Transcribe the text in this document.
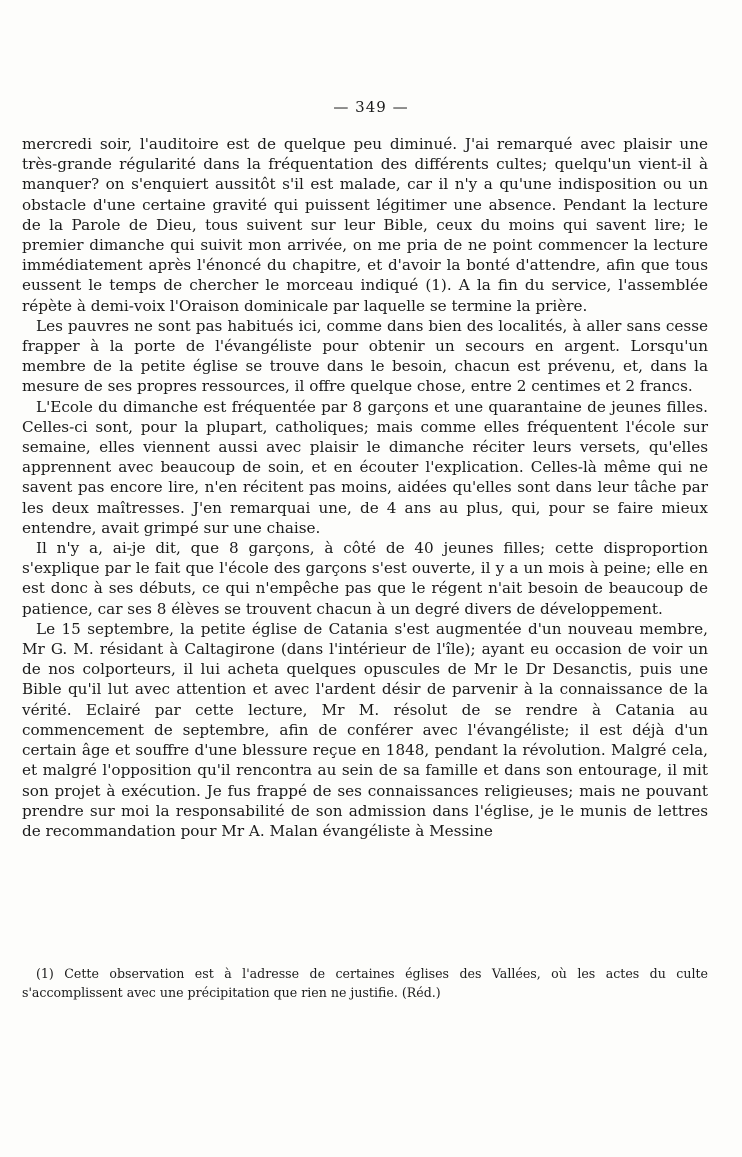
— 349 —

mercredi soir, l'auditoire est de quelque peu diminué. J'ai remarqué avec plaisir une très-grande régularité dans la fréquentation des différents cultes; quelqu'un vient-il à manquer? on s'enquiert aussitôt s'il est malade, car il n'y a qu'une indisposition ou un obstacle d'une certaine gravité qui puissent légitimer une absence. Pendant la lecture de la Parole de Dieu, tous suivent sur leur Bible, ceux du moins qui savent lire; le premier dimanche qui suivit mon arrivée, on me pria de ne point commencer la lecture immédiatement après l'énoncé du chapitre, et d'avoir la bonté d'attendre, afin que tous eussent le temps de chercher le morceau indiqué (1). A la fin du service, l'assemblée répète à demi-voix l'Oraison dominicale par laquelle se termine la prière.

Les pauvres ne sont pas habitués ici, comme dans bien des localités, à aller sans cesse frapper à la porte de l'évangéliste pour obtenir un secours en argent. Lorsqu'un membre de la petite église se trouve dans le besoin, chacun est prévenu, et, dans la mesure de ses propres ressources, il offre quelque chose, entre 2 centimes et 2 francs.

L'Ecole du dimanche est fréquentée par 8 garçons et une quarantaine de jeunes filles. Celles-ci sont, pour la plupart, catholiques; mais comme elles fréquentent l'école sur semaine, elles viennent aussi avec plaisir le dimanche réciter leurs versets, qu'elles apprennent avec beaucoup de soin, et en écouter l'explication. Celles-là même qui ne savent pas encore lire, n'en récitent pas moins, aidées qu'elles sont dans leur tâche par les deux maîtresses. J'en remarquai une, de 4 ans au plus, qui, pour se faire mieux entendre, avait grimpé sur une chaise.

Il n'y a, ai-je dit, que 8 garçons, à côté de 40 jeunes filles; cette disproportion s'explique par le fait que l'école des garçons s'est ouverte, il y a un mois à peine; elle en est donc à ses débuts, ce qui n'empêche pas que le régent n'ait besoin de beaucoup de patience, car ses 8 élèves se trouvent chacun à un degré divers de développement.

Le 15 septembre, la petite église de Catania s'est augmentée d'un nouveau membre, Mr G. M. résidant à Caltagirone (dans l'intérieur de l'île); ayant eu occasion de voir un de nos colporteurs, il lui acheta quelques opuscules de Mr le Dr Desanctis, puis une Bible qu'il lut avec attention et avec l'ardent désir de parvenir à la connaissance de la vérité. Eclairé par cette lecture, Mr M. résolut de se rendre à Catania au commencement de septembre, afin de conférer avec l'évangéliste; il est déjà d'un certain âge et souffre d'une blessure reçue en 1848, pendant la révolution. Malgré cela, et malgré l'opposition qu'il rencontra au sein de sa famille et dans son entourage, il mit son projet à exécution. Je fus frappé de ses connaissances religieuses; mais ne pouvant prendre sur moi la responsabilité de son admission dans l'église, je le munis de lettres de recommandation pour Mr A. Malan évangéliste à Messine

(1) Cette observation est à l'adresse de certaines églises des Vallées, où les actes du culte s'accomplissent avec une précipitation que rien ne justifie. (Réd.)
